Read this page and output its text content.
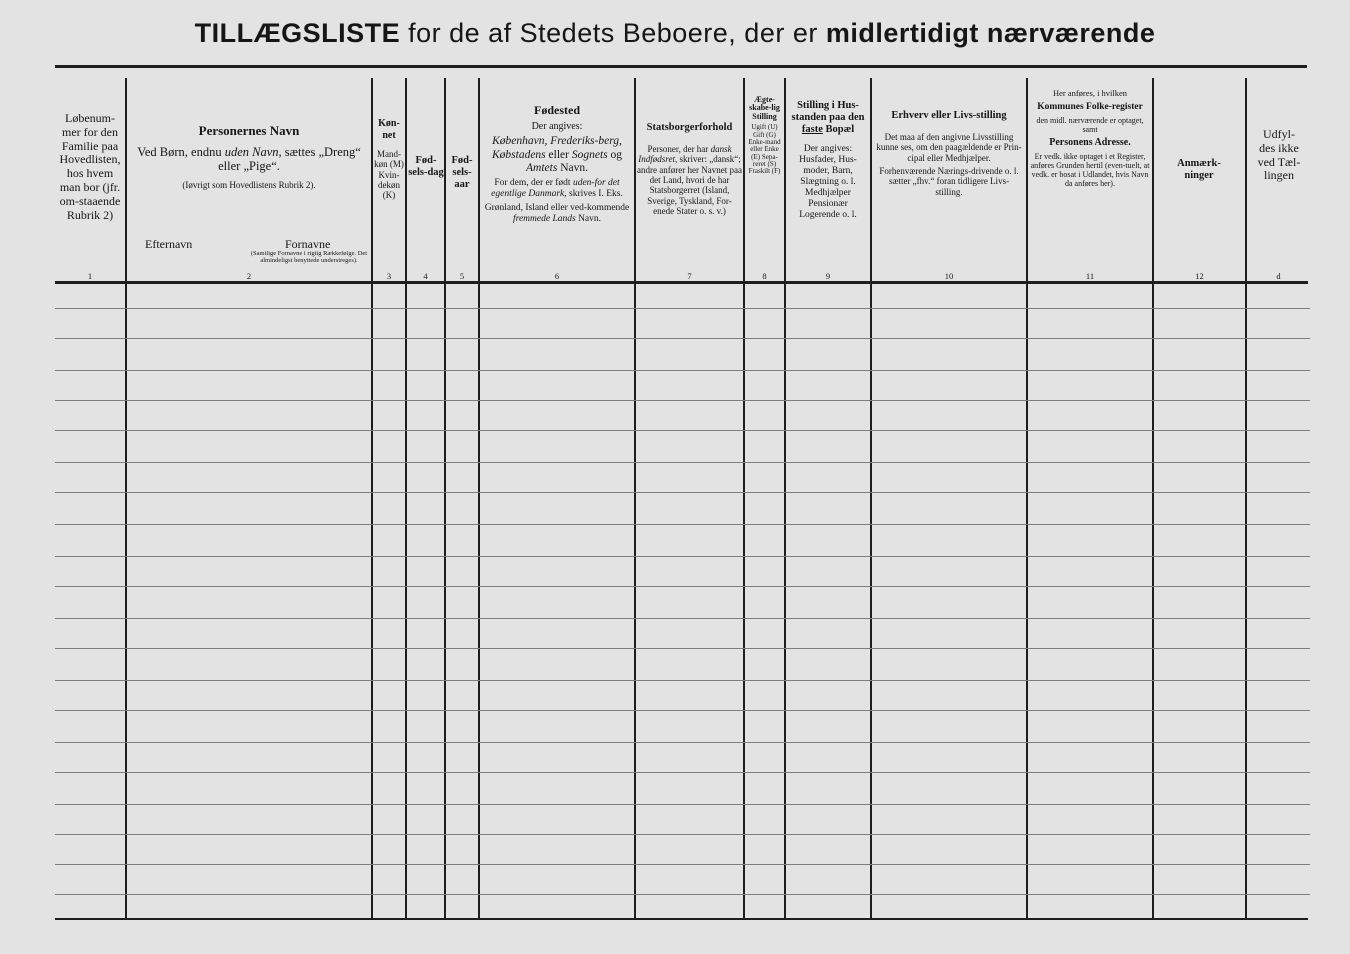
TILLÆGSLISTE for de af Stedets Beboere, der er midlertidigt nærværende
Løbenum-mer for den Familie paa Hovedlisten, hos hvem man bor (jfr. om-staaende Rubrik 2)
1

Personernes Navn

Ved Børn, endnu uden Navn, sættes „Dreng“ eller „Pige“.

(Iøvrigt som Hovedlistens Rubrik 2).

Efternavn	Fornavne
(Samtlige Fornavne i rigtig Rækkefølge. Det almindeligst benyttede understreges).
2

Køn-net

Mand-køn (M) Kvin-dekøn (K)

3
Fød-sels-dag
4
Fød-sels-aar
5

Fødested

Der angives:

København, Frederiks-berg, Købstadens eller Sognets og Amtets Navn.

For dem, der er født uden-for det egentlige Danmark, skrives I. Eks.

Grønland, Island eller ved-kommende fremmede Lands Navn.

6

Statsborgerforhold

Personer, der har dansk Indfødsret, skriver: „dansk“; andre anfører her Navnet paa det Land, hvori de har Statsborgerret (Island, Sverige, Tyskland, For-enede Stater o. s. v.)

7

Ægte-skabe-lig Stilling

Ugift (U) Gift (G) Enke-mand eller Enke (E) Sepa-reret (S) Fraskilt (F)

8

Stilling i Hus-standen paa den faste Bopæl

Der angives: Husfader, Hus-moder, Barn, Slægtning o. l. Medhjælper Pensionær Logerende o. l.

9

Erhverv eller Livs-stilling

Det maa af den angivne Livsstilling kunne ses, om den paagældende er Prin-cipal eller Medhjælper.

Forhenværende Nærings-drivende o. l. sætter „fhv.“ foran tidligere Livs-stilling.

10

Her anføres, i hvilken

Kommunes Folke-register

den midl. nærværende er optaget, samt

Personens Adresse.

Er vedk. ikke optaget i et Register, anføres Grunden hertil (even-tuelt, at vedk. er bosat i Udlandet, hvis Navn da anføres her).

11
Anmærk-ninger
12
Udfyl-des ikke ved Tæl-lingen
d
